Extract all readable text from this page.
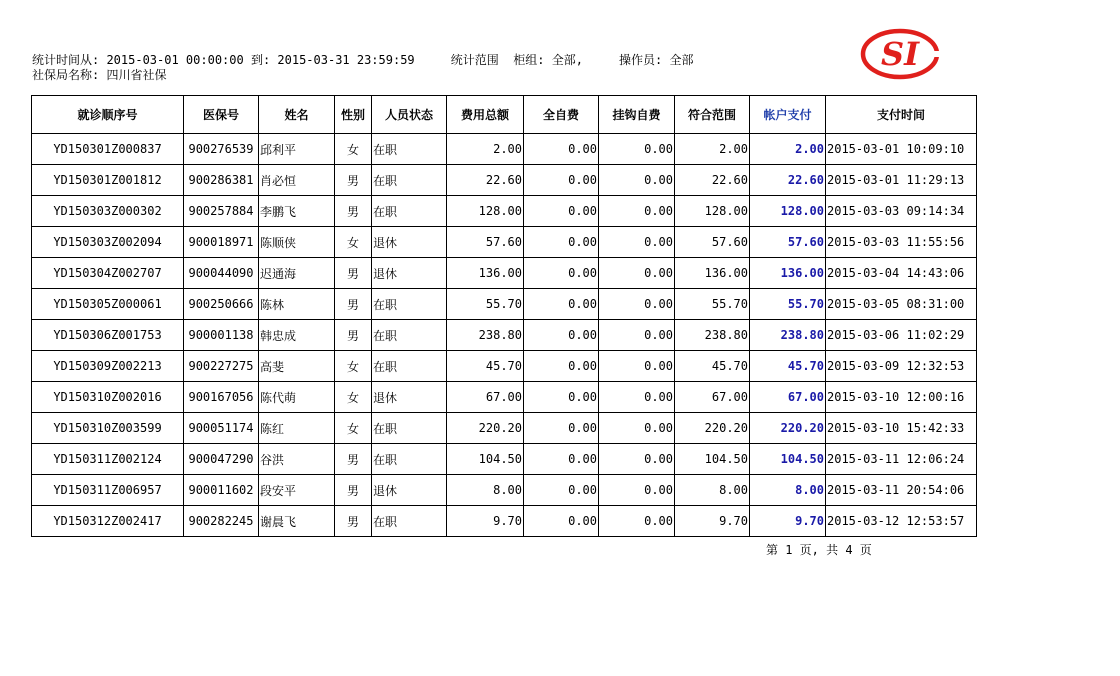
统计时间从: 2015-03-01 00:00:00 到: 2015-03-31 23:59:59	统计范围  柜组: 全部,	操作员: 全部
社保局名称: 四川省社保
SI
就诊顺序号	医保号	姓名	性别	人员状态	费用总额	全自费	挂钩自费	符合范围	帐户支付	支付时间
YD150301Z000837	900276539	邱利平	女	在职	2.00	0.00	0.00	2.00	2.00	2015-03-01 10:09:10
YD150301Z001812	900286381	肖必恒	男	在职	22.60	0.00	0.00	22.60	22.60	2015-03-01 11:29:13
YD150303Z000302	900257884	李鹏飞	男	在职	128.00	0.00	0.00	128.00	128.00	2015-03-03 09:14:34
YD150303Z002094	900018971	陈顺侠	女	退休	57.60	0.00	0.00	57.60	57.60	2015-03-03 11:55:56
YD150304Z002707	900044090	迟通海	男	退休	136.00	0.00	0.00	136.00	136.00	2015-03-04 14:43:06
YD150305Z000061	900250666	陈林	男	在职	55.70	0.00	0.00	55.70	55.70	2015-03-05 08:31:00
YD150306Z001753	900001138	韩忠成	男	在职	238.80	0.00	0.00	238.80	238.80	2015-03-06 11:02:29
YD150309Z002213	900227275	高斐	女	在职	45.70	0.00	0.00	45.70	45.70	2015-03-09 12:32:53
YD150310Z002016	900167056	陈代萌	女	退休	67.00	0.00	0.00	67.00	67.00	2015-03-10 12:00:16
YD150310Z003599	900051174	陈红	女	在职	220.20	0.00	0.00	220.20	220.20	2015-03-10 15:42:33
YD150311Z002124	900047290	谷洪	男	在职	104.50	0.00	0.00	104.50	104.50	2015-03-11 12:06:24
YD150311Z006957	900011602	段安平	男	退休	8.00	0.00	0.00	8.00	8.00	2015-03-11 20:54:06
YD150312Z002417	900282245	谢晨飞	男	在职	9.70	0.00	0.00	9.70	9.70	2015-03-12 12:53:57
第 1 页, 共 4 页
